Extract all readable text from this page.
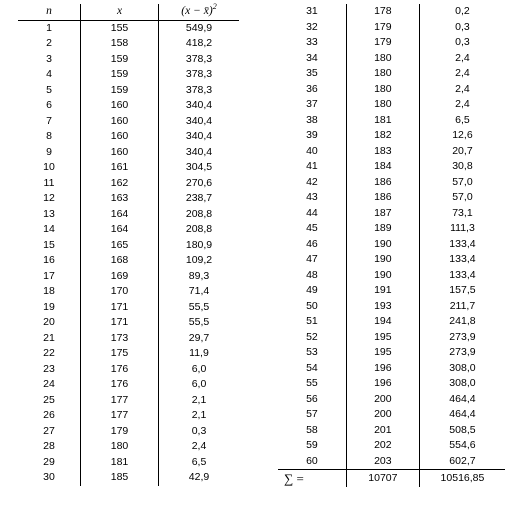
n	x	(x − x̄)$^2$
1	155	549,9
2	158	418,2
3	159	378,3
4	159	378,3
5	159	378,3
6	160	340,4
7	160	340,4
8	160	340,4
9	160	340,4
10	161	304,5
11	162	270,6
12	163	238,7
13	164	208,8
14	164	208,8
15	165	180,9
16	168	109,2
17	169	89,3
18	170	71,4
19	171	55,5
20	171	55,5
21	173	29,7
22	175	11,9
23	176	6,0
24	176	6,0
25	177	2,1
26	177	2,1
27	179	0,3
28	180	2,4
29	181	6,5
30	185	42,9
31	178	0,2
32	179	0,3
33	179	0,3
34	180	2,4
35	180	2,4
36	180	2,4
37	180	2,4
38	181	6,5
39	182	12,6
40	183	20,7
41	184	30,8
42	186	57,0
43	186	57,0
44	187	73,1
45	189	111,3
46	190	133,4
47	190	133,4
48	190	133,4
49	191	157,5
50	193	211,7
51	194	241,8
52	195	273,9
53	195	273,9
54	196	308,0
55	196	308,0
56	200	464,4
57	200	464,4
58	201	508,5
59	202	554,6
60	203	602,7
∑ =	10707	10516,85
